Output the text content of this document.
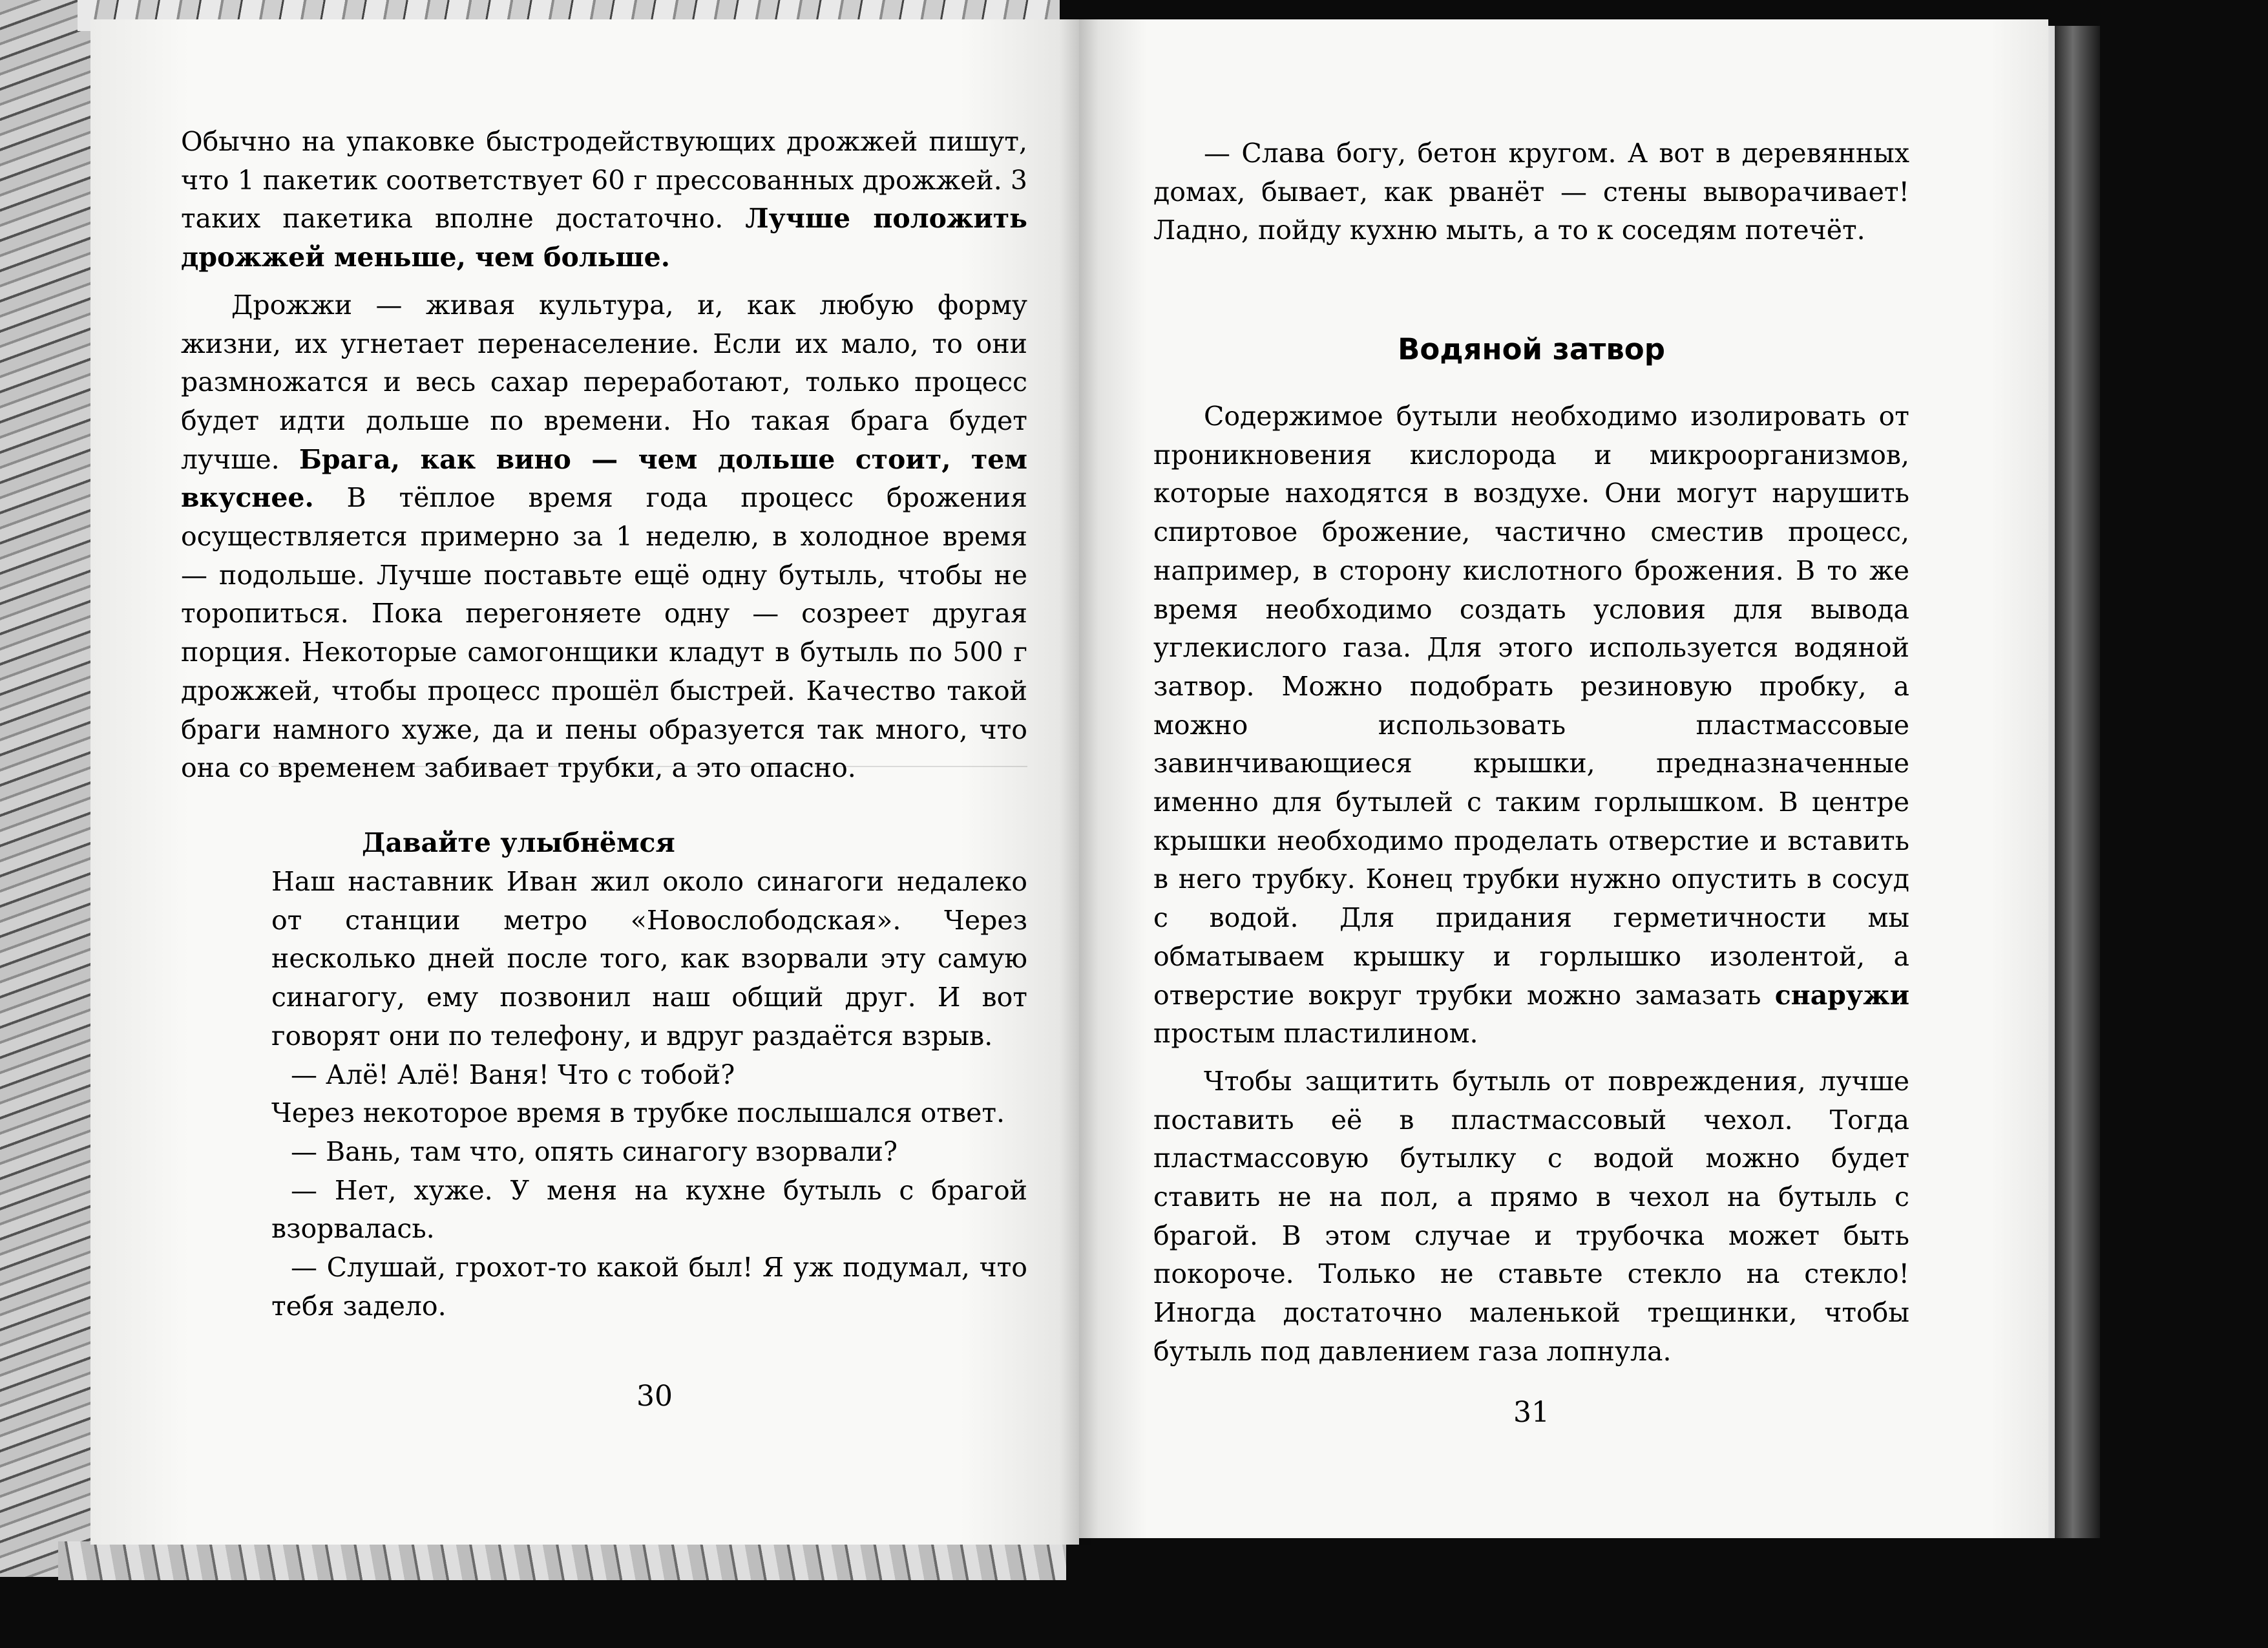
Обычно на упаковке быстродействующих дрожжей пишут, что 1 пакетик соответствует 60 г прессованных дрожжей. 3 таких пакетика вполне достаточно. Лучше положить дрожжей меньше, чем больше.

Дрожжи — живая культура, и, как любую форму жизни, их угнетает перенаселение. Если их мало, то они размножатся и весь сахар переработают, только процесс будет идти дольше по времени. Но такая брага будет лучше. Брага, как вино — чем дольше стоит, тем вкуснее. В тёплое время года процесс брожения осуществляется примерно за 1 неделю, в холодное время — подольше. Лучше поставьте ещё одну бутыль, чтобы не торопиться. Пока перегоняете одну — созреет другая порция. Некоторые самогонщики кладут в бутыль по 500 г дрожжей, чтобы процесс прошёл быстрей. Качество такой браги намного хуже, да и пены образуется так много, что она со временем забивает трубки, а это опасно.

Давайте улыбнёмся

Наш наставник Иван жил около синагоги недалеко от станции метро «Новослободская». Через несколько дней после того, как взорвали эту самую синагогу, ему позвонил наш общий друг. И вот говорят они по телефону, и вдруг раздаётся взрыв.

— Алё! Алё! Ваня! Что с тобой?

Через некоторое время в трубке послышался ответ.

— Вань, там что, опять синагогу взорвали?

— Нет, хуже. У меня на кухне бутыль с брагой взорвалась.

— Слушай, грохот-то какой был! Я уж подумал, что тебя задело.

30

— Слава богу, бетон кругом. А вот в деревянных домах, бывает, как рванёт — стены выворачивает! Ладно, пойду кухню мыть, а то к соседям потечёт.

Водяной затвор

Содержимое бутыли необходимо изолировать от проникновения кислорода и микроорганизмов, которые находятся в воздухе. Они могут нарушить спиртовое брожение, частично сместив процесс, например, в сторону кислотного брожения. В то же время необходимо создать условия для вывода углекислого газа. Для этого используется водяной затвор. Можно подобрать резиновую пробку, а можно использовать пластмассовые завинчивающиеся крышки, предназначенные именно для бутылей с таким горлышком. В центре крышки необходимо проделать отверстие и вставить в него трубку. Конец трубки нужно опустить в сосуд с водой. Для придания герметичности мы обматываем крышку и горлышко изолентой, а отверстие вокруг трубки можно замазать снаружи простым пластилином.

Чтобы защитить бутыль от повреждения, лучше поставить её в пластмассовый чехол. Тогда пластмассовую бутылку с водой можно будет ставить не на пол, а прямо в чехол на бутыль с брагой. В этом случае и трубочка может быть покороче. Только не ставьте стекло на стекло! Иногда достаточно маленькой трещинки, чтобы бутыль под давлением газа лопнула.

31
